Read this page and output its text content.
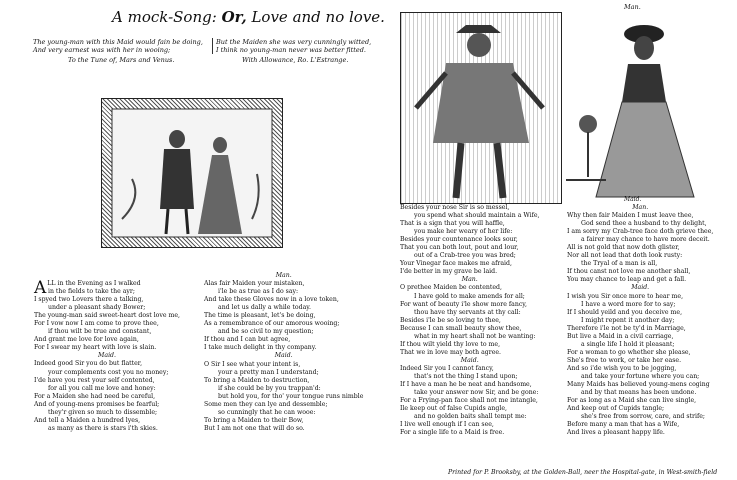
A mock-Song: Or, Love and no love.
The young-man with this Maid would fain be doing,
And very earnest was with her in wooing;
But the Maiden she was very cunningly witted,
I think no young-man never was better fitted.
To the Tune of, Mars and Venus.	With Allowance, Ro. L'Estrange.
Man.
Maid.
A LL in the Evening as I walked
in the fields to take the ayr;
I spyed two Lovers there a talking,
under a pleasant shady Bower;
The young-man said sweet-heart dost love me,
For I vow now I am come to prove thee,
if thou wilt be true and constant,
And grant me love for love again,
For I swear my heart with love is slain.
Maid.
Indeed good Sir you do but flatter,
your complements cost you no money;
I'de have you rest your self contented,
for all you call me love and honey:
For a Maiden she had need be careful,
And of young-mens promises be fearful;
they'r given so much to dissemble;
And tell a Maiden a hundred lyes,
as many as there is stars i'th skies.
Man.
Alas fair Maiden your mistaken,
i'le be as true as I do say:
And take these Gloves now in a love token,
and let us dally a while today.
The time is pleasant, let's be doing,
As a remembrance of our amorous wooing;
and be so civil to my question;
If thou and I can but agree,
I take much delight in thy company.
Maid.
O Sir I see what your intent is,
your a pretty man I understand;
To bring a Maiden to destruction,
if she could be by you trappan'd:
but hold you, for tho' your tongue runs nimble
Some men they can lye and dessemble;
so cunningly that he can wooe:
To bring a Maiden to their Bow,
But I am not one that will do so.
Besides your nose Sir is so messel,
you spend what should maintain a Wife,
That is a sign that you will haffle,
you make her weary of her life:
Besides your countenance looks sour,
That you can both lout, pout and lour,
out of a Crab-tree you was bred;
Your Vinegar face makes me afraid,
I'de better in my grave be laid.
Man.
O prethee Maiden be contented,
I have gold to make amends for all;
For want of beauty i'le show more fancy,
thou have thy servants at thy call:
Besides i'le be so loving to thee,
Because I can small beauty show thee,
what in my heart shall not be wanting:
If thou wilt yield thy love to me,
That we in love may both agree.
Maid.
Indeed Sir you I cannot fancy,
that's not the thing I stand upon;
If I have a man he be neat and handsome,
take your answer now Sir, and be gone:
For a Frying-pan face shall not me intangle,
Ile keep out of false Cupids angle,
and no golden baits shall tempt me:
I live well enough if I can see,
For a single life to a Maid is free.
Man.
Why then fair Maiden I must leave thee,
God send thee a husband to thy delight,
I am sorry my Crab-tree face doth grieve thee,
a fairer may chance to have more deceit.
All is not gold that now doth glister,
Nor all not lead that doth look rusty:
the Tryal of a man is all,
If thou canst not love me another shall,
You may chance to leap and get a fall.
Maid.
I wish you Sir once more to hear me,
I have a word more for to say;
If I should yeild and you deceive me,
I might repent it another day;
Therefore i'le not be ty'd in Marriage,
But live a Maid in a civil carriage,
a single life I hold it pleasant;
For a woman to go whether she please,
She's free to work, or take her ease.
And so i'de wish you to be jogging,
and take your fortune where you can;
Many Maids has believed young-mens coging
and by that means has been undone.
For as long as a Maid she can live single,
And keep out of Cupids tangle;
she's free from sorrow, care, and strife;
Before many a man that has a Wife,
And lives a pleasant happy life.
Printed for P. Brooksby, at the Golden-Ball, neer the Hospital-gate, in West-smith-field
